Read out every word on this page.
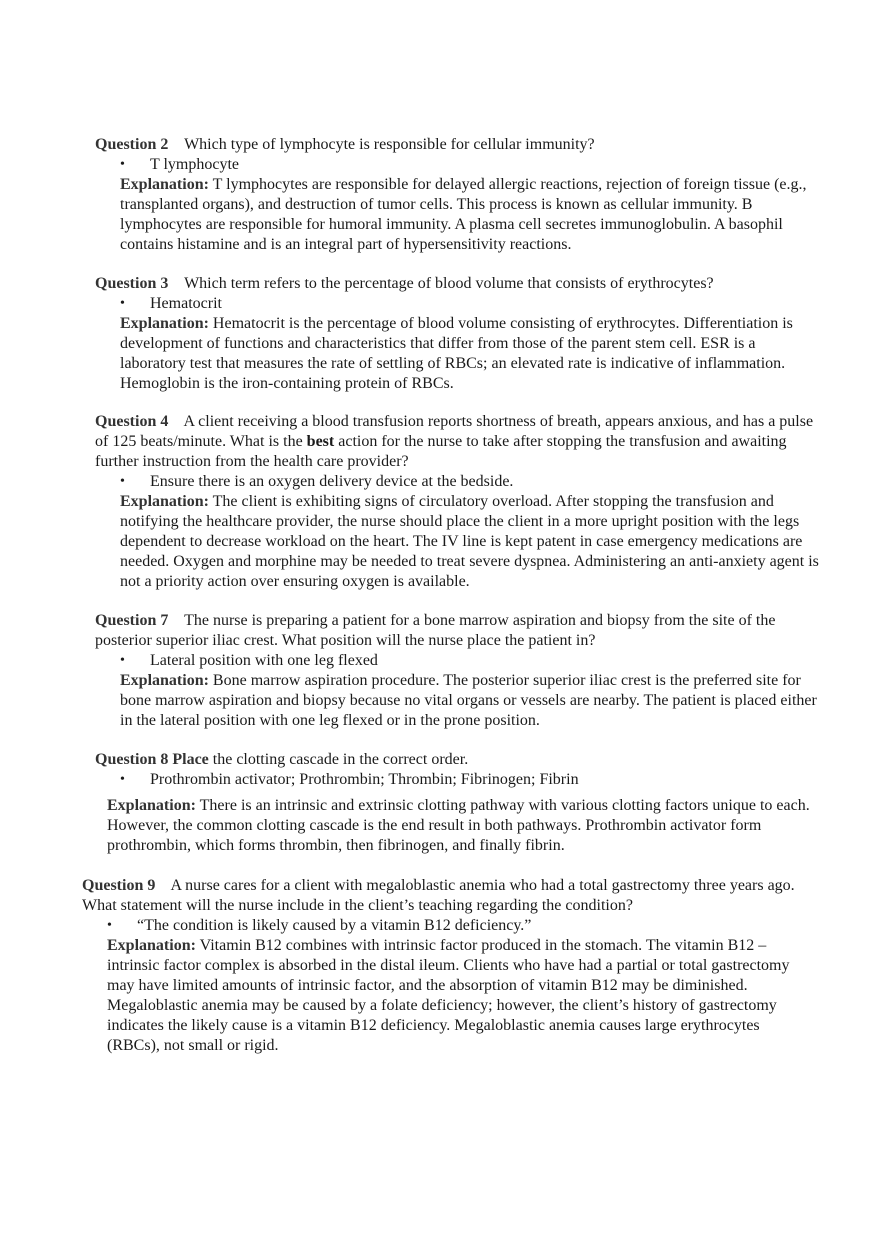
Question 2 Which type of lymphocyte is responsible for cellular immunity?

• T lymphocyte

Explanation: T lymphocytes are responsible for delayed allergic reactions, rejection of foreign tissue (e.g., transplanted organs), and destruction of tumor cells. This process is known as cellular immunity. B lymphocytes are responsible for humoral immunity. A plasma cell secretes immunoglobulin. A basophil contains histamine and is an integral part of hypersensitivity reactions.

Question 3 Which term refers to the percentage of blood volume that consists of erythrocytes?

• Hematocrit

Explanation: Hematocrit is the percentage of blood volume consisting of erythrocytes. Differentiation is development of functions and characteristics that differ from those of the parent stem cell. ESR is a laboratory test that measures the rate of settling of RBCs; an elevated rate is indicative of inflammation. Hemoglobin is the iron-containing protein of RBCs.

Question 4 A client receiving a blood transfusion reports shortness of breath, appears anxious, and has a pulse of 125 beats/minute. What is the best action for the nurse to take after stopping the transfusion and awaiting further instruction from the health care provider?

• Ensure there is an oxygen delivery device at the bedside.

Explanation: The client is exhibiting signs of circulatory overload. After stopping the transfusion and notifying the healthcare provider, the nurse should place the client in a more upright position with the legs dependent to decrease workload on the heart. The IV line is kept patent in case emergency medications are needed. Oxygen and morphine may be needed to treat severe dyspnea. Administering an anti-anxiety agent is not a priority action over ensuring oxygen is available.

Question 7 The nurse is preparing a patient for a bone marrow aspiration and biopsy from the site of the posterior superior iliac crest. What position will the nurse place the patient in?

• Lateral position with one leg flexed

Explanation: Bone marrow aspiration procedure. The posterior superior iliac crest is the preferred site for bone marrow aspiration and biopsy because no vital organs or vessels are nearby. The patient is placed either in the lateral position with one leg flexed or in the prone position.

Question 8 Place the clotting cascade in the correct order.

• Prothrombin activator; Prothrombin; Thrombin; Fibrinogen; Fibrin

Explanation: There is an intrinsic and extrinsic clotting pathway with various clotting factors unique to each. However, the common clotting cascade is the end result in both pathways. Prothrombin activator form prothrombin, which forms thrombin, then fibrinogen, and finally fibrin.

Question 9 A nurse cares for a client with megaloblastic anemia who had a total gastrectomy three years ago. What statement will the nurse include in the client’s teaching regarding the condition?

• “The condition is likely caused by a vitamin B12 deficiency.”

Explanation: Vitamin B12 combines with intrinsic factor produced in the stomach. The vitamin B12 –intrinsic factor complex is absorbed in the distal ileum. Clients who have had a partial or total gastrectomy may have limited amounts of intrinsic factor, and the absorption of vitamin B12 may be diminished. Megaloblastic anemia may be caused by a folate deficiency; however, the client’s history of gastrectomy indicates the likely cause is a vitamin B12 deficiency. Megaloblastic anemia causes large erythrocytes (RBCs), not small or rigid.
